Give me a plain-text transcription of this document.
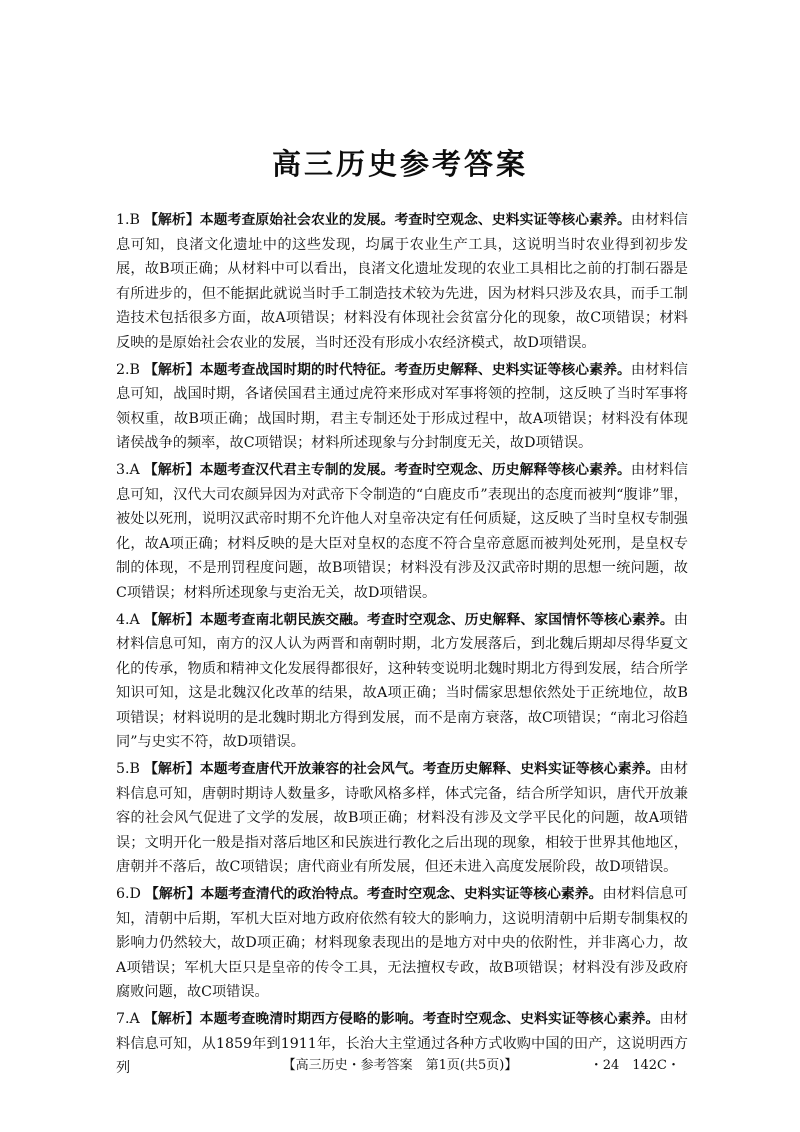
高三历史参考答案
1.B 【解析】本题考查原始社会农业的发展。考查时空观念、史料实证等核心素养。由材料信息可知，良渚文化遗址中的这些发现，均属于农业生产工具，这说明当时农业得到初步发展，故B项正确；从材料中可以看出，良渚文化遗址发现的农业工具相比之前的打制石器是有所进步的，但不能据此就说当时手工制造技术较为先进，因为材料只涉及农具，而手工制造技术包括很多方面，故A项错误；材料没有体现社会贫富分化的现象，故C项错误；材料反映的是原始社会农业的发展，当时还没有形成小农经济模式，故D项错误。
2.B 【解析】本题考查战国时期的时代特征。考查历史解释、史料实证等核心素养。由材料信息可知，战国时期，各诸侯国君主通过虎符来形成对军事将领的控制，这反映了当时军事将领权重，故B项正确；战国时期，君主专制还处于形成过程中，故A项错误；材料没有体现诸侯战争的频率，故C项错误；材料所述现象与分封制度无关，故D项错误。
3.A 【解析】本题考查汉代君主专制的发展。考查时空观念、历史解释等核心素养。由材料信息可知，汉代大司农颜异因为对武帝下令制造的“白鹿皮币”表现出的态度而被判“腹诽”罪，被处以死刑，说明汉武帝时期不允许他人对皇帝决定有任何质疑，这反映了当时皇权专制强化，故A项正确；材料反映的是大臣对皇权的态度不符合皇帝意愿而被判处死刑，是皇权专制的体现，不是刑罚程度问题，故B项错误；材料没有涉及汉武帝时期的思想一统问题，故C项错误；材料所述现象与吏治无关，故D项错误。
4.A 【解析】本题考查南北朝民族交融。考查时空观念、历史解释、家国情怀等核心素养。由材料信息可知，南方的汉人认为两晋和南朝时期，北方发展落后，到北魏后期却尽得华夏文化的传承，物质和精神文化发展得都很好，这种转变说明北魏时期北方得到发展，结合所学知识可知，这是北魏汉化改革的结果，故A项正确；当时儒家思想依然处于正统地位，故B项错误；材料说明的是北魏时期北方得到发展，而不是南方衰落，故C项错误；“南北习俗趋同”与史实不符，故D项错误。
5.B 【解析】本题考查唐代开放兼容的社会风气。考查历史解释、史料实证等核心素养。由材料信息可知，唐朝时期诗人数量多，诗歌风格多样，体式完备，结合所学知识，唐代开放兼容的社会风气促进了文学的发展，故B项正确；材料没有涉及文学平民化的问题，故A项错误；文明开化一般是指对落后地区和民族进行教化之后出现的现象，相较于世界其他地区，唐朝并不落后，故C项错误；唐代商业有所发展，但还未进入高度发展阶段，故D项错误。
6.D 【解析】本题考查清代的政治特点。考查时空观念、史料实证等核心素养。由材料信息可知，清朝中后期，军机大臣对地方政府依然有较大的影响力，这说明清朝中后期专制集权的影响力仍然较大，故D项正确；材料现象表现出的是地方对中央的依附性，并非离心力，故A项错误；军机大臣只是皇帝的传令工具，无法擅权专政，故B项错误；材料没有涉及政府腐败问题，故C项错误。
7.A 【解析】本题考查晚清时期西方侵略的影响。考查时空观念、史料实证等核心素养。由材料信息可知，从1859年到1911年，长治大主堂通过各种方式收购中国的田产，这说明西方列	【高三历史・参考答案　第1页(共5页)】	・24　142C・
